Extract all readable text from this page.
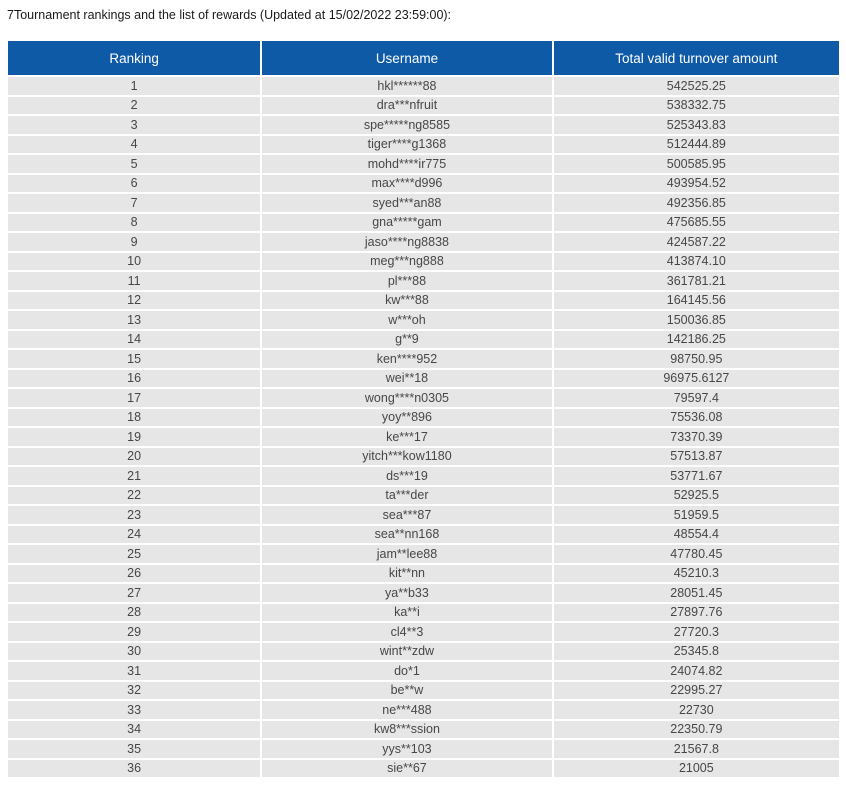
7Tournament rankings and the list of rewards (Updated at 15/02/2022 23:59:00):
Ranking	Username	Total valid turnover amount
1	hkl******88	542525.25
2	dra***nfruit	538332.75
3	spe*****ng8585	525343.83
4	tiger****g1368	512444.89
5	mohd****ir775	500585.95
6	max****d996	493954.52
7	syed***an88	492356.85
8	gna*****gam	475685.55
9	jaso****ng8838	424587.22
10	meg***ng888	413874.10
11	pl***88	361781.21
12	kw***88	164145.56
13	w***oh	150036.85
14	g**9	142186.25
15	ken****952	98750.95
16	wei**18	96975.6127
17	wong****n0305	79597.4
18	yoy**896	75536.08
19	ke***17	73370.39
20	yitch***kow1180	57513.87
21	ds***19	53771.67
22	ta***der	52925.5
23	sea***87	51959.5
24	sea**nn168	48554.4
25	jam**lee88	47780.45
26	kit**nn	45210.3
27	ya**b33	28051.45
28	ka**i	27897.76
29	cl4**3	27720.3
30	wint**zdw	25345.8
31	do*1	24074.82
32	be**w	22995.27
33	ne***488	22730
34	kw8***ssion	22350.79
35	yys**103	21567.8
36	sie**67	21005
